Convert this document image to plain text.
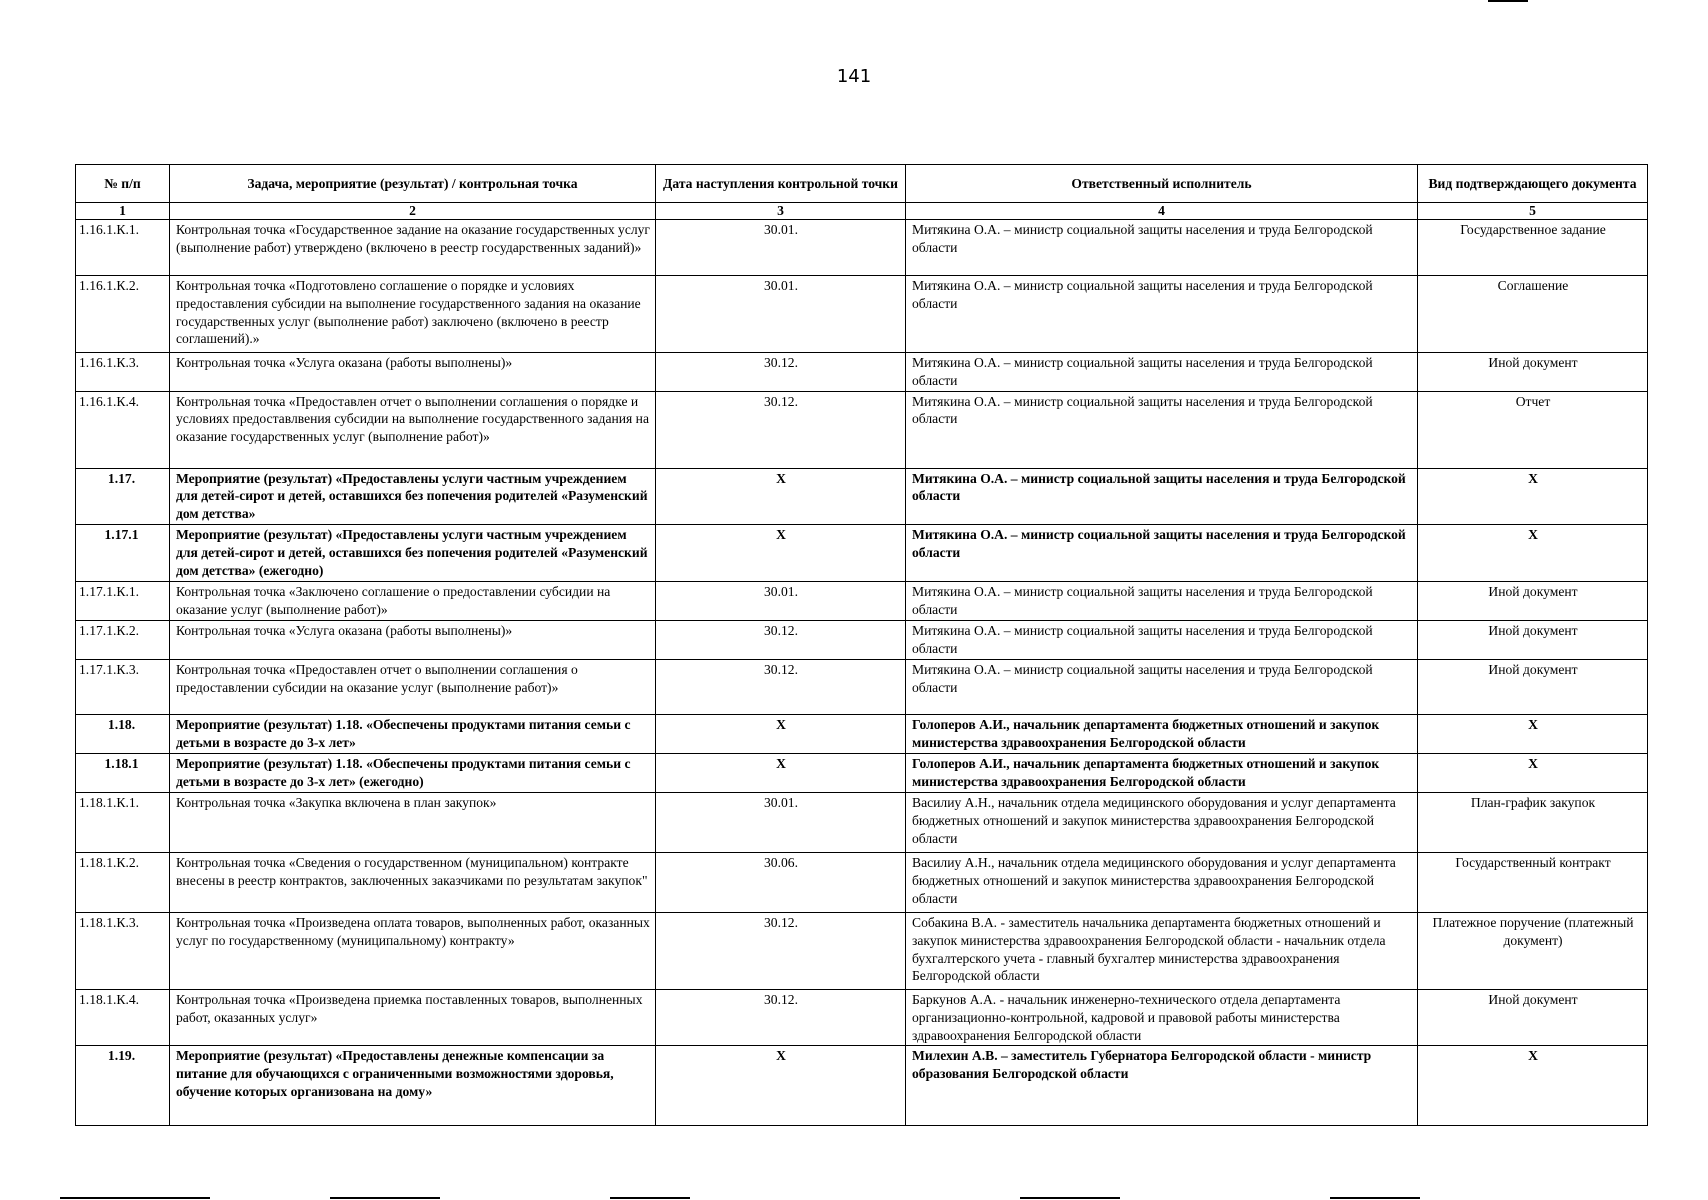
141
№ п/п	Задача, мероприятие (результат) / контрольная точка	Дата наступления контрольной точки	Ответственный исполнитель	Вид подтверждающего документа
1	2	3	4	5
1.16.1.К.1.	Контрольная точка «Государственное задание на оказание государственных услуг (выполнение работ) утверждено (включено в реестр государственных заданий)»	30.01.	Митякина О.А. – министр социальной защиты населения и труда Белгородской области	Государственное задание
1.16.1.К.2.	Контрольная точка «Подготовлено соглашение о порядке и условиях предоставления субсидии на выполнение государственного задания на оказание государственных услуг (выполнение работ) заключено (включено в реестр соглашений).»	30.01.	Митякина О.А. – министр социальной защиты населения и труда Белгородской области	Соглашение
1.16.1.К.3.	Контрольная точка «Услуга оказана (работы выполнены)»	30.12.	Митякина О.А. – министр социальной защиты населения и труда Белгородской области	Иной документ
1.16.1.К.4.	Контрольная точка «Предоставлен отчет о выполнении соглашения о порядке и условиях предоставлвения субсидии на выполнение государственного задания на оказание государственных услуг (выполнение работ)»	30.12.	Митякина О.А. – министр социальной защиты населения и труда Белгородской области	Отчет
1.17.	Мероприятие (результат) «Предоставлены услуги частным учреждением для детей-сирот и детей, оставшихся без попечения родителей «Разуменский дом детства»	X	Митякина О.А. – министр социальной защиты населения и труда Белгородской области	X
1.17.1	Мероприятие (результат) «Предоставлены услуги частным учреждением для детей-сирот и детей, оставшихся без попечения родителей «Разуменский дом детства» (ежегодно)	X	Митякина О.А. – министр социальной защиты населения и труда Белгородской области	X
1.17.1.К.1.	Контрольная точка «Заключено соглашение о предоставлении субсидии на оказание услуг (выполнение работ)»	30.01.	Митякина О.А. – министр социальной защиты населения и труда Белгородской области	Иной документ
1.17.1.К.2.	Контрольная точка «Услуга оказана (работы выполнены)»	30.12.	Митякина О.А. – министр социальной защиты населения и труда Белгородской области	Иной документ
1.17.1.К.3.	Контрольная точка «Предоставлен отчет о выполнении соглашения о предоставлении субсидии на оказание услуг (выполнение работ)»	30.12.	Митякина О.А. – министр социальной защиты населения и труда Белгородской области	Иной документ
1.18.	Мероприятие (результат) 1.18. «Обеспечены продуктами питания семьи с детьми в возрасте до 3-х лет»	X	Голоперов А.И., начальник департамента бюджетных отношений и закупок министерства здравоохранения Белгородской области	X
1.18.1	Мероприятие (результат) 1.18. «Обеспечены продуктами питания семьи с детьми в возрасте до 3-х лет» (ежегодно)	X	Голоперов А.И., начальник департамента бюджетных отношений и закупок министерства здравоохранения Белгородской области	X
1.18.1.К.1.	Контрольная точка «Закупка включена в план закупок»	30.01.	Василиу А.Н., начальник отдела медицинского оборудования и услуг департамента бюджетных отношений и закупок министерства здравоохранения Белгородской области	План-график закупок
1.18.1.К.2.	Контрольная точка «Сведения о государственном (муниципальном) контракте внесены в реестр контрактов, заключенных заказчиками по результатам закупок"	30.06.	Василиу А.Н., начальник отдела медицинского оборудования и услуг департамента бюджетных отношений и закупок министерства здравоохранения Белгородской области	Государственный контракт
1.18.1.К.3.	Контрольная точка «Произведена оплата товаров, выполненных работ, оказанных услуг по государственному (муниципальному) контракту»	30.12.	Собакина В.А. - заместитель начальника департамента бюджетных отношений и закупок министерства здравоохранения Белгородской области - начальник отдела бухгалтерского учета - главный бухгалтер министерства здравоохранения Белгородской области	Платежное поручение (платежный документ)
1.18.1.К.4.	Контрольная точка «Произведена приемка поставленных товаров, выполненных работ, оказанных услуг»	30.12.	Баркунов А.А. - начальник инженерно-технического отдела департамента организационно-контрольной, кадровой и правовой работы министерства здравоохранения Белгородской области	Иной документ
1.19.	Мероприятие (результат) «Предоставлены денежные компенсации за питание для обучающихся с ограниченными возможностями здоровья, обучение которых организована на дому»	X	Милехин А.В. – заместитель Губернатора Белгородской области - министр образования Белгородской области	X
